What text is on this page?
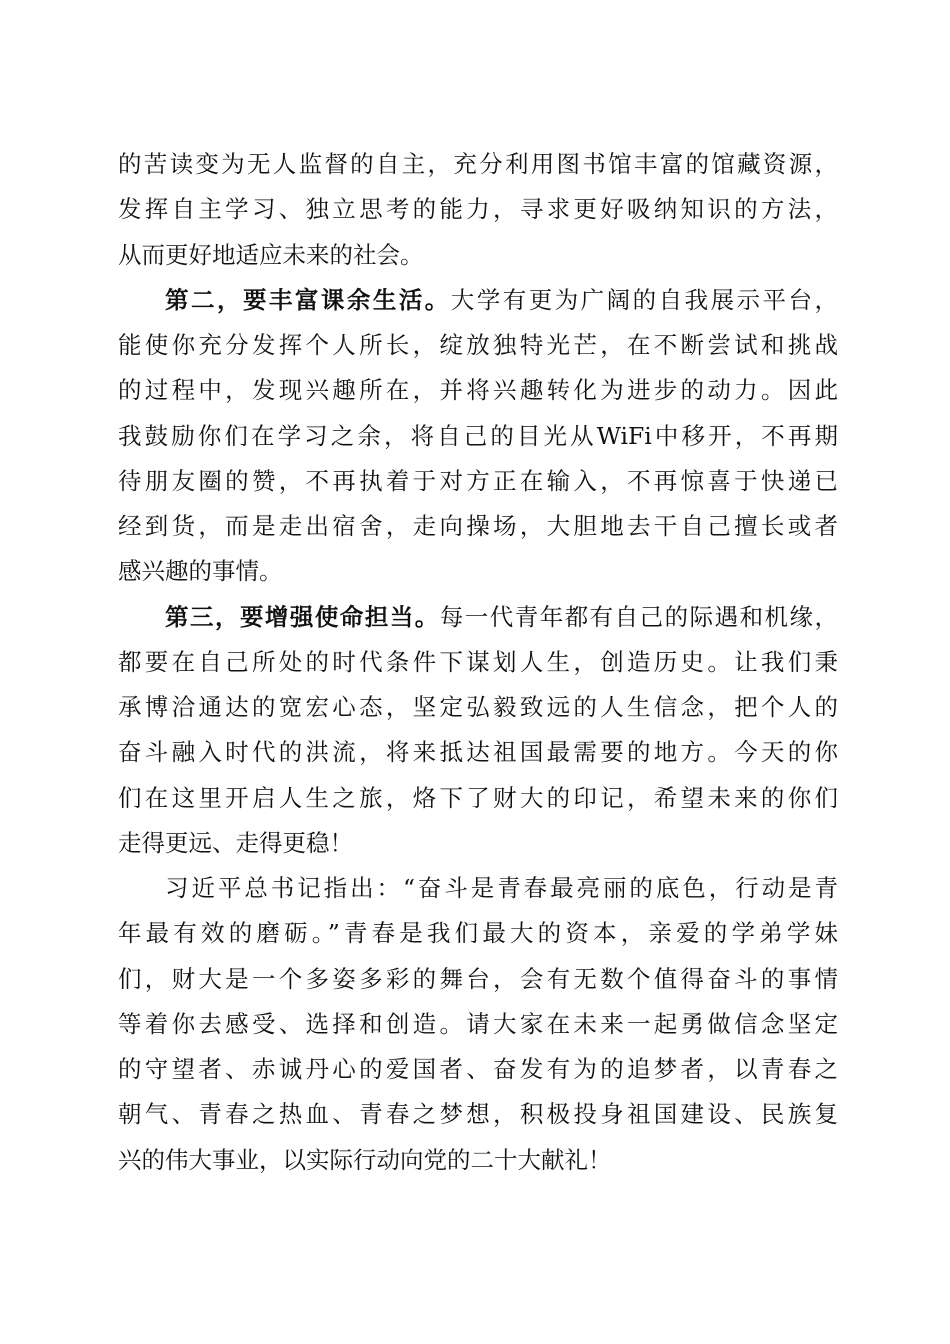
的苦读变为无人监督的自主，充分利用图书馆丰富的馆藏资源，
发挥自主学习、独立思考的能力，寻求更好吸纳知识的方法，
从而更好地适应未来的社会。
第二，要丰富课余生活。大学有更为广阔的自我展示平台，
能使你充分发挥个人所长，绽放独特光芒，在不断尝试和挑战
的过程中，发现兴趣所在，并将兴趣转化为进步的动力。因此
我鼓励你们在学习之余，将自己的目光从WiFi中移开，不再期
待朋友圈的赞，不再执着于对方正在输入，不再惊喜于快递已
经到货，而是走出宿舍，走向操场，大胆地去干自己擅长或者
感兴趣的事情。
第三，要增强使命担当。每一代青年都有自己的际遇和机缘，
都要在自己所处的时代条件下谋划人生，创造历史。让我们秉
承博洽通达的宽宏心态，坚定弘毅致远的人生信念，把个人的
奋斗融入时代的洪流，将来抵达祖国最需要的地方。今天的你
们在这里开启人生之旅，烙下了财大的印记，希望未来的你们
走得更远、走得更稳！
习近平总书记指出：“奋斗是青春最亮丽的底色，行动是青
年最有效的磨砺。”青春是我们最大的资本，亲爱的学弟学妹
们，财大是一个多姿多彩的舞台，会有无数个值得奋斗的事情
等着你去感受、选择和创造。请大家在未来一起勇做信念坚定
的守望者、赤诚丹心的爱国者、奋发有为的追梦者，以青春之
朝气、青春之热血、青春之梦想，积极投身祖国建设、民族复
兴的伟大事业，以实际行动向党的二十大献礼！
